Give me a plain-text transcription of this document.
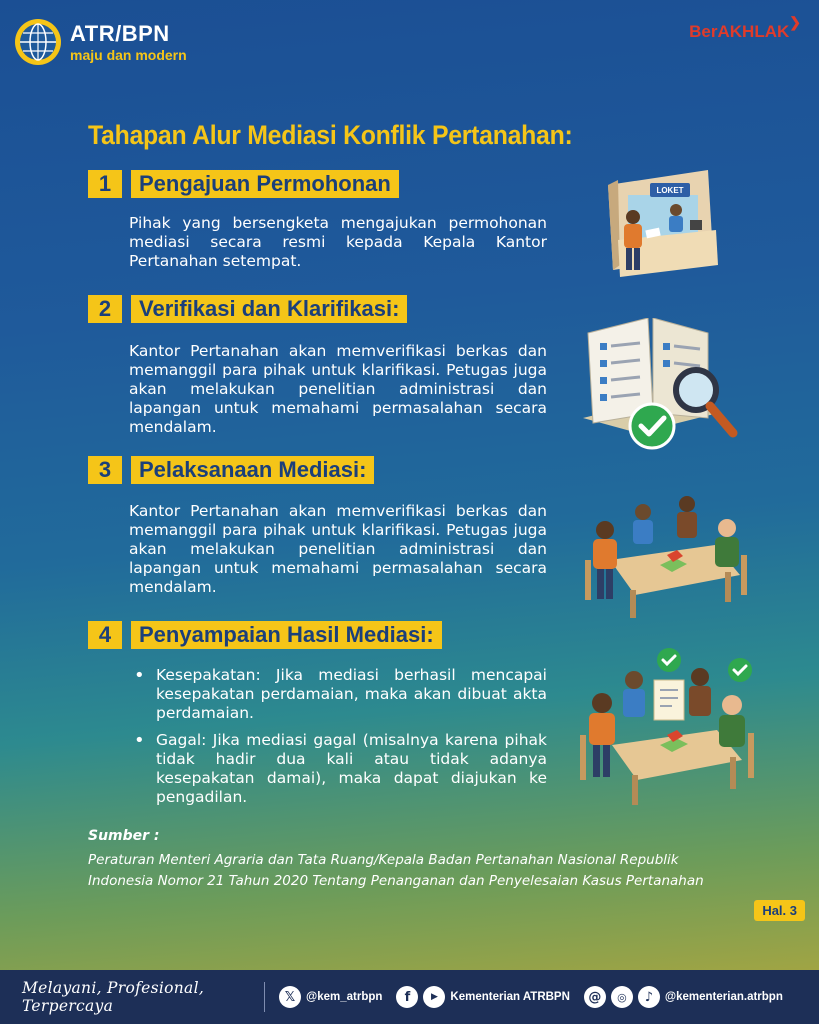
ATR/BPN
maju dan modern
BerAKHLAK❯
Tahapan Alur Mediasi Konflik Pertanahan:
1	Pengajuan Permohonan
Pihak yang bersengketa mengajukan permohonan mediasi secara resmi kepada Kepala Kantor Pertanahan setempat.
2	Verifikasi dan Klarifikasi:
Kantor Pertanahan akan memverifikasi berkas dan memanggil para pihak untuk klarifikasi. Petugas juga akan melakukan penelitian administrasi dan lapangan untuk memahami permasalahan secara mendalam.
3	Pelaksanaan Mediasi:
Kantor Pertanahan akan memverifikasi berkas dan memanggil para pihak untuk klarifikasi. Petugas juga akan melakukan penelitian administrasi dan lapangan untuk memahami permasalahan secara mendalam.
4	Penyampaian Hasil Mediasi:
• Kesepakatan: Jika mediasi berhasil mencapai kesepakatan perdamaian, maka akan dibuat akta perdamaian.
• Gagal: Jika mediasi gagal (misalnya karena pihak tidak hadir dua kali atau tidak adanya kesepakatan damai), maka dapat diajukan ke pengadilan.
LOKET
Sumber :
Peraturan Menteri Agraria dan Tata Ruang/Kepala Badan Pertanahan Nasional Republik Indonesia Nomor 21 Tahun 2020 Tentang Penanganan dan Penyelesaian Kasus Pertanahan
Hal. 3
Melayani, Profesional, Terpercaya	𝕏 @kem_atrbpn	f	▶	Kementerian ATRBPN	@	◎	♪	@kementerian.atrbpn
